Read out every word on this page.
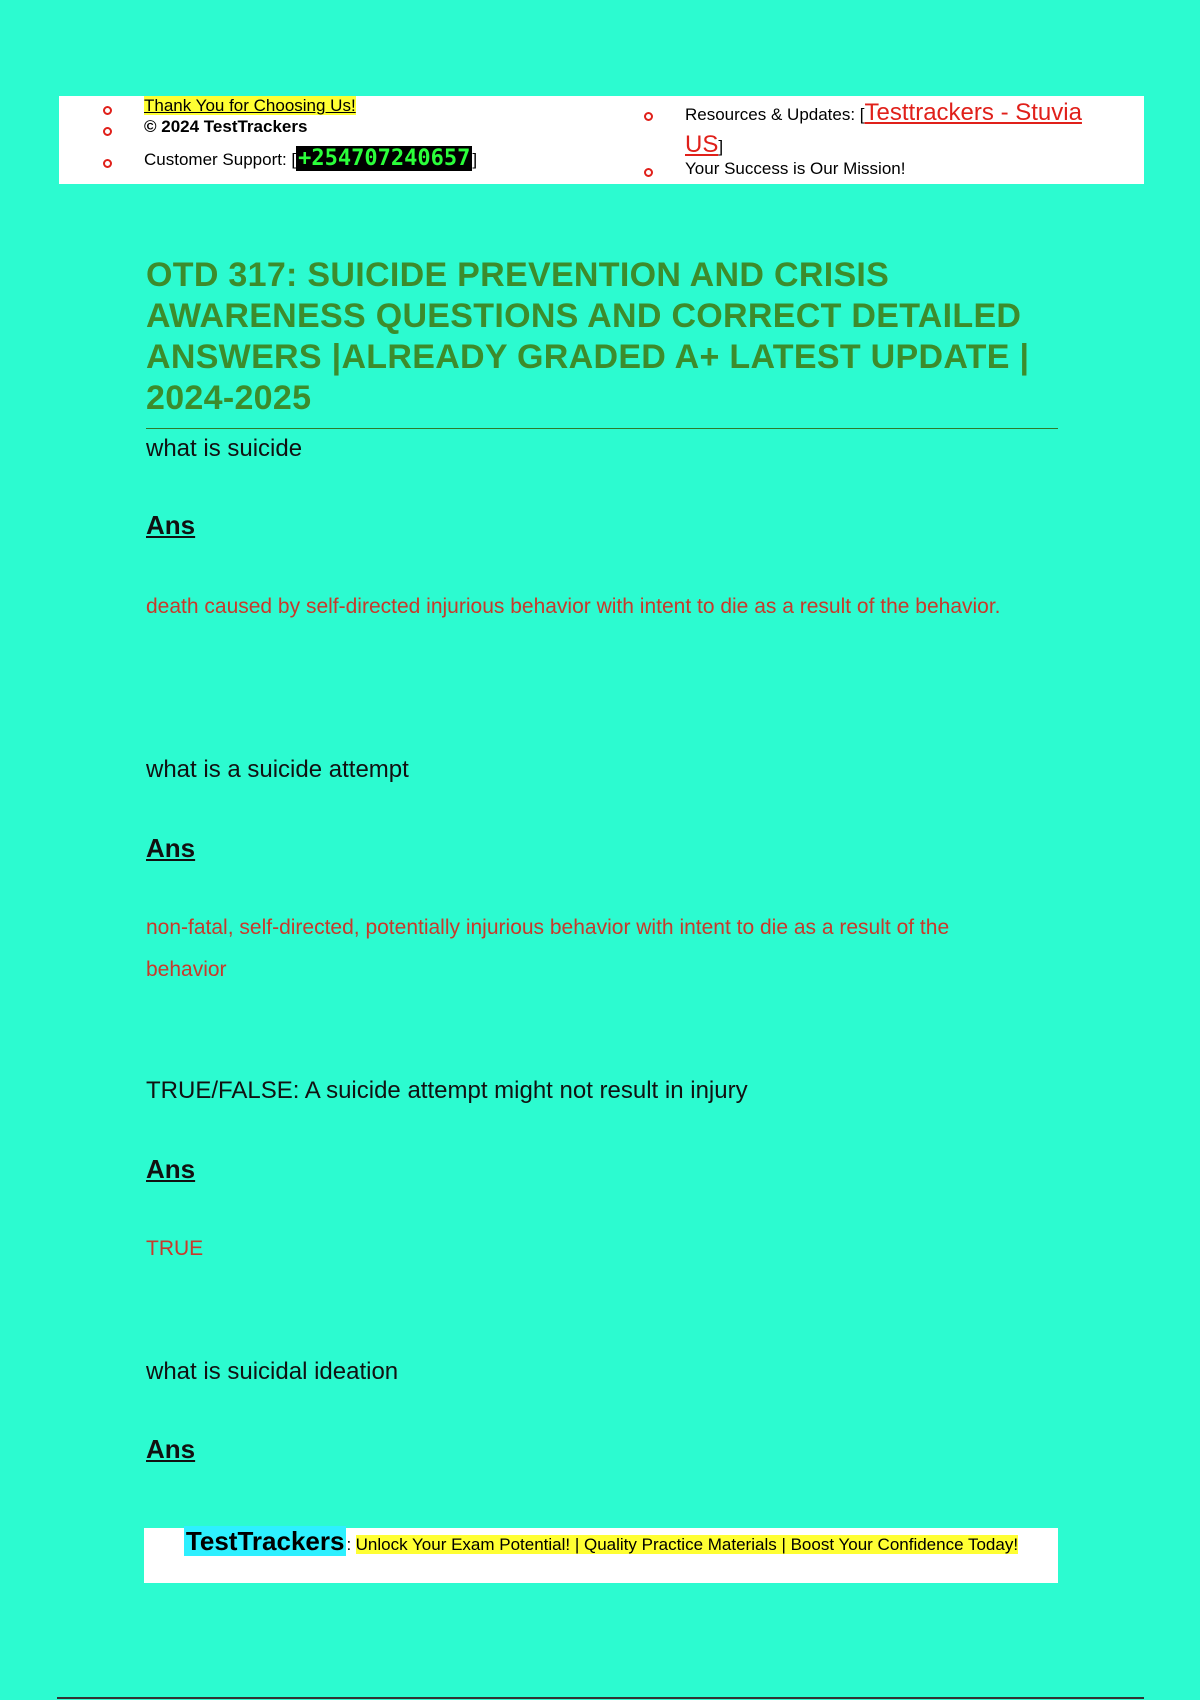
Thank You for Choosing Us!
© 2024 TestTrackers
Customer Support: [+254707240657 ]
Resources & Updates: [Testtrackers - Stuvia US]
Your Success is Our Mission!
OTD 317: SUICIDE PREVENTION AND CRISIS AWARENESS QUESTIONS AND CORRECT DETAILED ANSWERS |ALREADY GRADED A+ LATEST UPDATE | 2024-2025
what is suicide
Ans
death caused by self-directed injurious behavior with intent to die as a result of the behavior.
what is a suicide attempt
Ans
non-fatal, self-directed, potentially injurious behavior with intent to die as a result of the behavior
TRUE/FALSE: A suicide attempt might not result in injury
Ans
TRUE
what is suicidal ideation
Ans
TestTrackers : Unlock Your Exam Potential! | Quality Practice Materials | Boost Your Confidence Today!
